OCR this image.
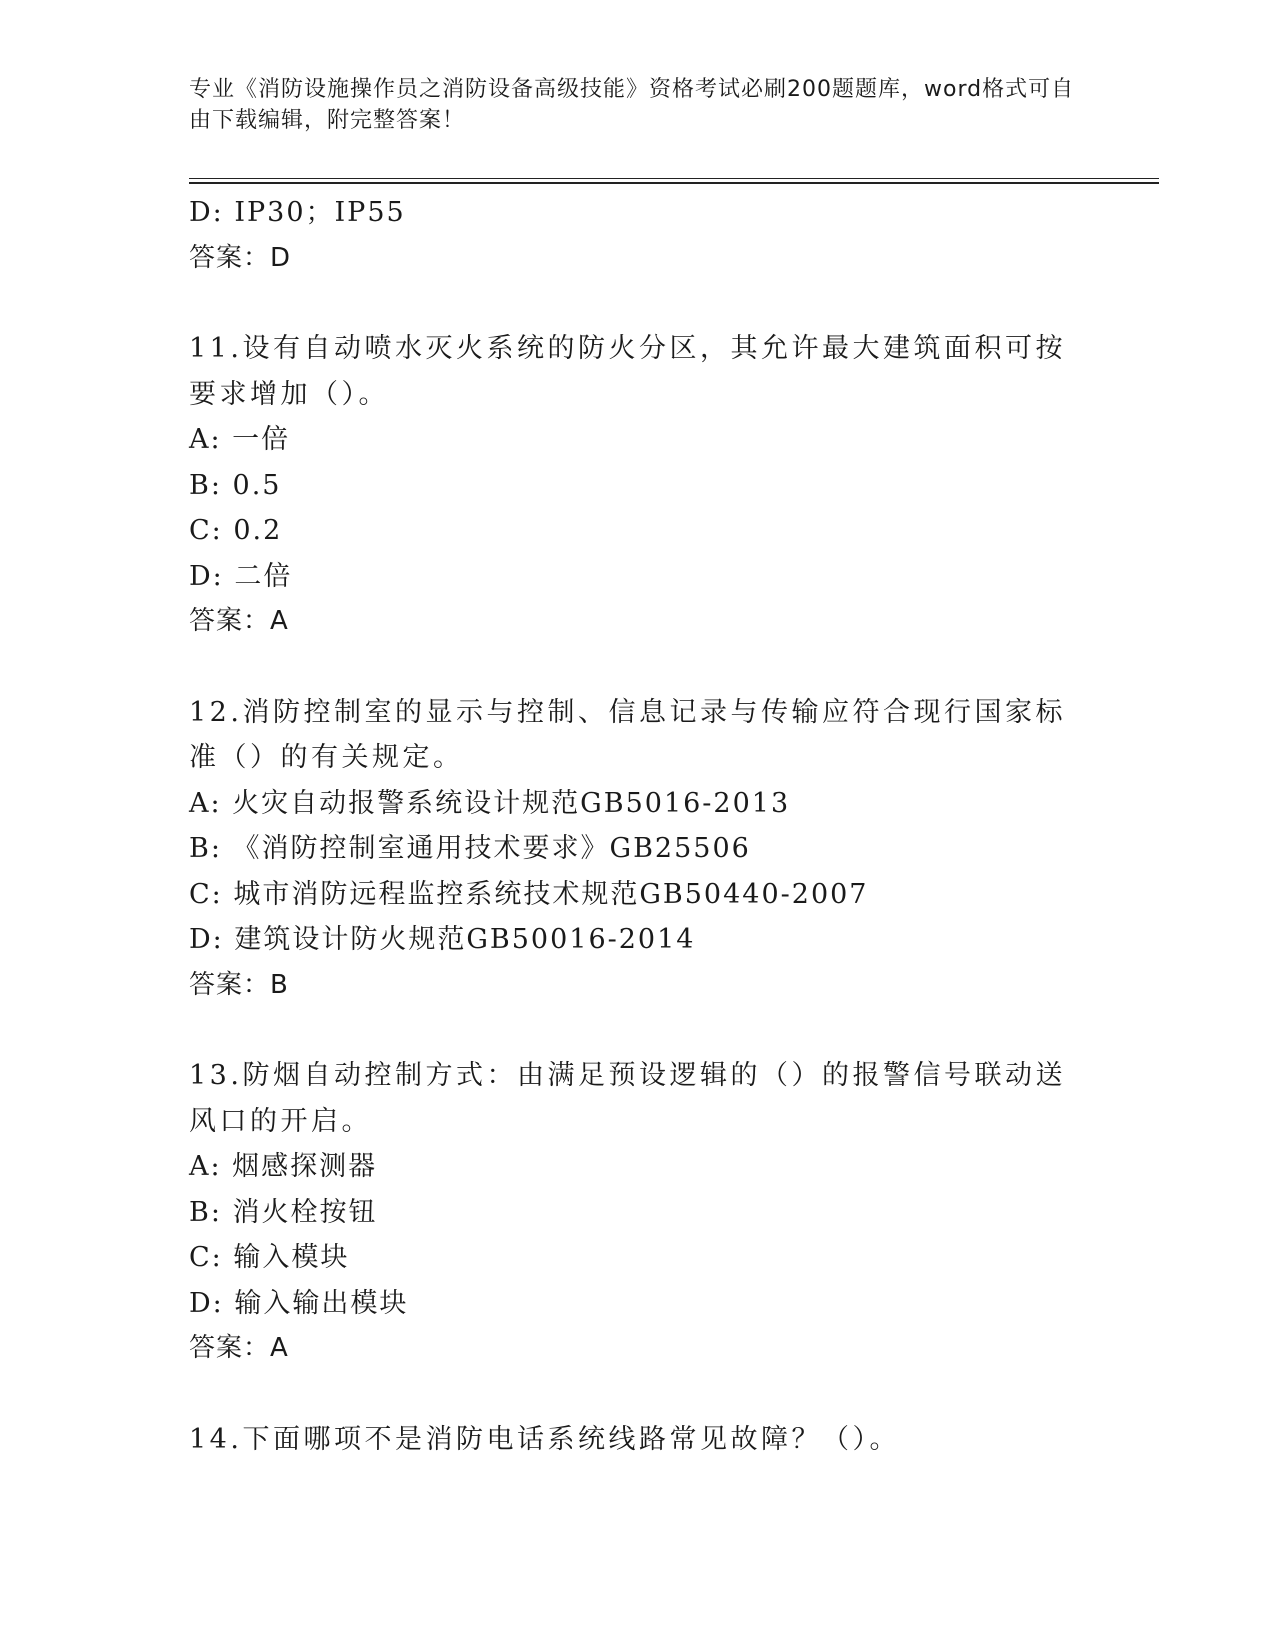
专业《消防设施操作员之消防设备高级技能》资格考试必刷200题题库，word格式可自由下载编辑，附完整答案！
D: IP30；IP55
答案：D
11.设有自动喷水灭火系统的防火分区，其允许最大建筑面积可按要求增加（）。
A: 一倍
B: 0.5
C: 0.2
D: 二倍
答案：A
12.消防控制室的显示与控制、信息记录与传输应符合现行国家标准（）的有关规定。
A: 火灾自动报警系统设计规范GB5016-2013
B: 《消防控制室通用技术要求》GB25506
C: 城市消防远程监控系统技术规范GB50440-2007
D: 建筑设计防火规范GB50016-2014
答案：B
13.防烟自动控制方式：由满足预设逻辑的（）的报警信号联动送风口的开启。
A: 烟感探测器
B: 消火栓按钮
C: 输入模块
D: 输入输出模块
答案：A
14.下面哪项不是消防电话系统线路常见故障？（）。
